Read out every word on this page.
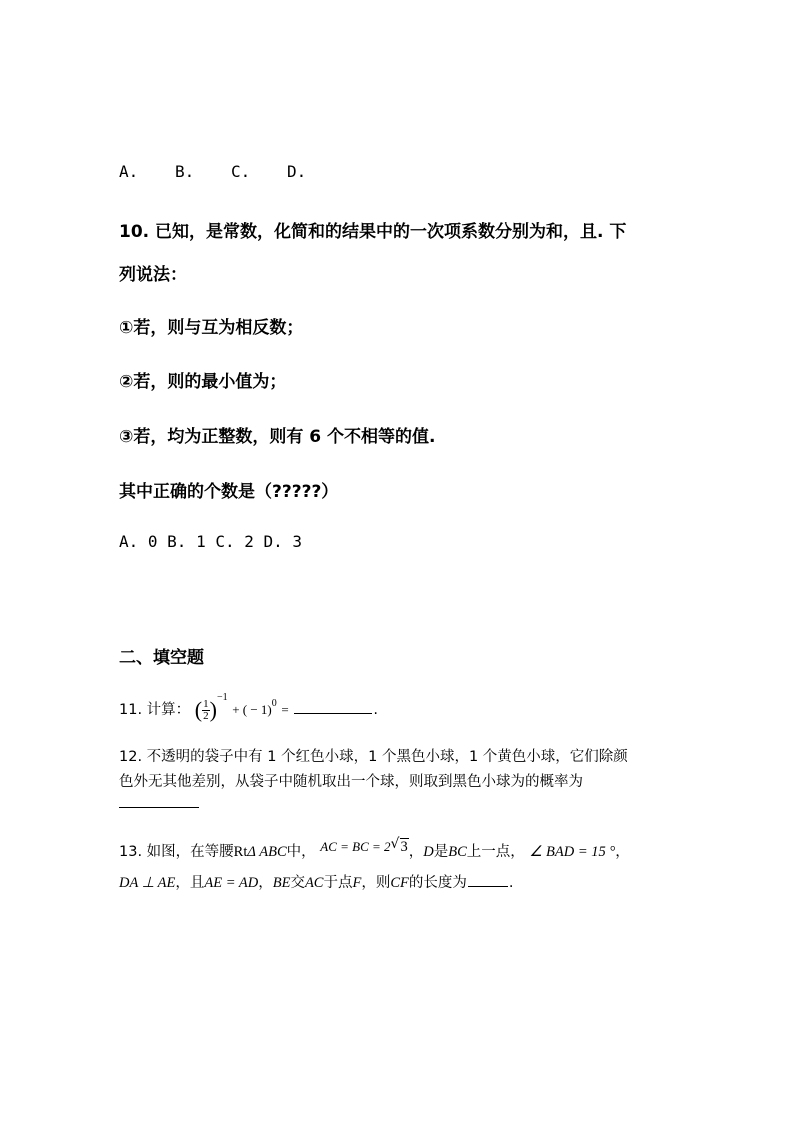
A. B. C. D.
10. 已知，是常数，化简和的结果中的一次项系数分别为和，且. 下
列说法：
①若，则与互为相反数；
②若，则的最小值为；
③若，均为正整数，则有 6 个不相等的值.
其中正确的个数是（?????）
A. 0 B. 1 C. 2 D. 3
二、填空题
11. 计算： ( $\frac{1}{2} )^{-1}$ + ( − 1)$^0$ =	.
12. 不透明的袋子中有 1 个红色小球，1 个黑色小球，1 个黄色小球，它们除颜
色外无其他差别，从袋子中随机取出一个球，则取到黑色小球为的概率为
13. 如图，在等腰RtΔ ABC中， AC = BC = 2 √ 3，D是BC上一点， ∠ BAD = 15 °，
DA ⊥ AE，且AE = AD，BE交AC于点F，则CF的长度为	.
